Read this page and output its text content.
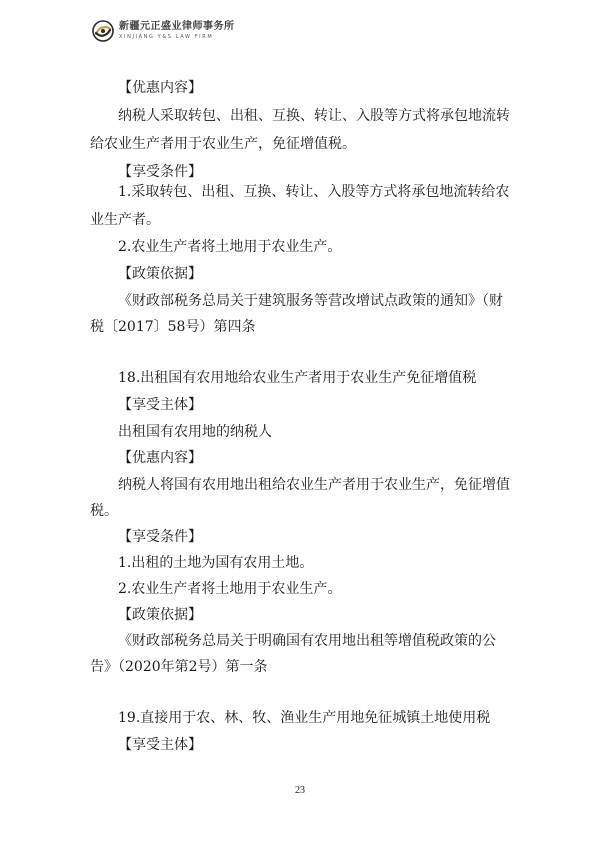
新疆元正盛业律师事务所
XINJIANG Y&S LAW FIRM
【优惠内容】
纳税人采取转包、出租、互换、转让、入股等方式将承包地流转
给农业生产者用于农业生产，免征增值税。
【享受条件】
1.采取转包、出租、互换、转让、入股等方式将承包地流转给农
业生产者。
2.农业生产者将土地用于农业生产。
【政策依据】
《财政部税务总局关于建筑服务等营改增试点政策的通知》（财
税〔2017〕58号）第四条
18.出租国有农用地给农业生产者用于农业生产免征增值税
【享受主体】
出租国有农用地的纳税人
【优惠内容】
纳税人将国有农用地出租给农业生产者用于农业生产，免征增值
税。
【享受条件】
1.出租的土地为国有农用土地。
2.农业生产者将土地用于农业生产。
【政策依据】
《财政部税务总局关于明确国有农用地出租等增值税政策的公
告》（2020年第2号）第一条
19.直接用于农、林、牧、渔业生产用地免征城镇土地使用税
【享受主体】
23
